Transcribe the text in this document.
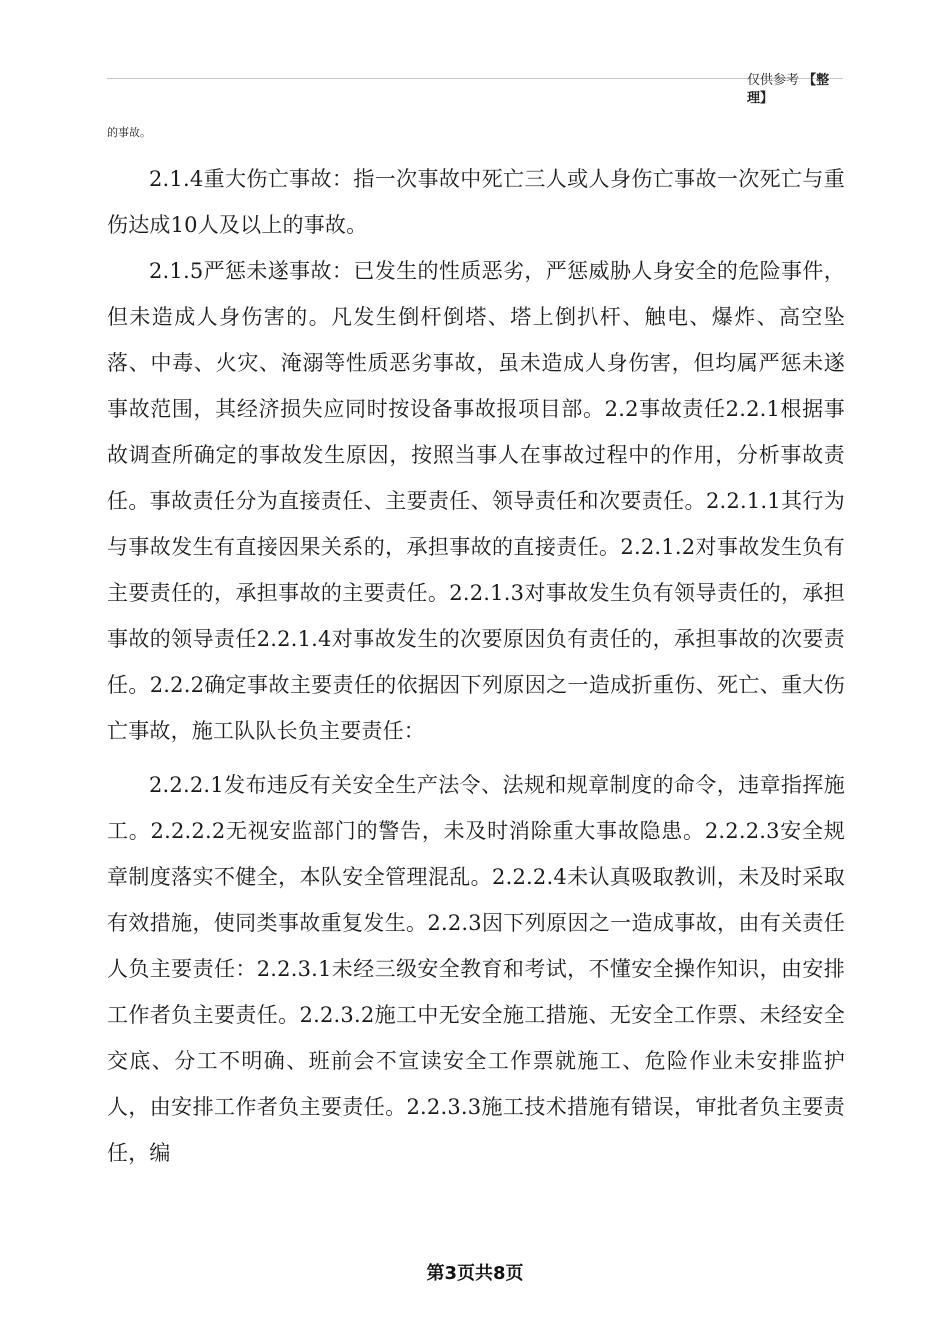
仅供参考 【整理】
的事故。

2.1.4重大伤亡事故：指一次事故中死亡三人或人身伤亡事故一次死亡与重伤达成10人及以上的事故。

2.1.5严惩未遂事故：已发生的性质恶劣，严惩威胁人身安全的危险事件，但未造成人身伤害的。凡发生倒杆倒塔、塔上倒扒杆、触电、爆炸、高空坠落、中毒、火灾、淹溺等性质恶劣事故，虽未造成人身伤害，但均属严惩未遂事故范围，其经济损失应同时按设备事故报项目部。2.2事故责任2.2.1根据事故调查所确定的事故发生原因，按照当事人在事故过程中的作用，分析事故责任。事故责任分为直接责任、主要责任、领导责任和次要责任。2.2.1.1其行为与事故发生有直接因果关系的，承担事故的直接责任。2.2.1.2对事故发生负有主要责任的，承担事故的主要责任。2.2.1.3对事故发生负有领导责任的，承担事故的领导责任2.2.1.4对事故发生的次要原因负有责任的，承担事故的次要责任。2.2.2确定事故主要责任的依据因下列原因之一造成折重伤、死亡、重大伤亡事故，施工队队长负主要责任：

2.2.2.1发布违反有关安全生产法令、法规和规章制度的命令，违章指挥施工。2.2.2.2无视安监部门的警告，未及时消除重大事故隐患。2.2.2.3安全规章制度落实不健全，本队安全管理混乱。2.2.2.4未认真吸取教训，未及时采取有效措施，使同类事故重复发生。2.2.3因下列原因之一造成事故，由有关责任人负主要责任：2.2.3.1未经三级安全教育和考试，不懂安全操作知识，由安排工作者负主要责任。2.2.3.2施工中无安全施工措施、无安全工作票、未经安全交底、分工不明确、班前会不宣读安全工作票就施工、危险作业未安排监护人，由安排工作者负主要责任。2.2.3.3施工技术措施有错误，审批者负主要责任，编

第3页共8页
